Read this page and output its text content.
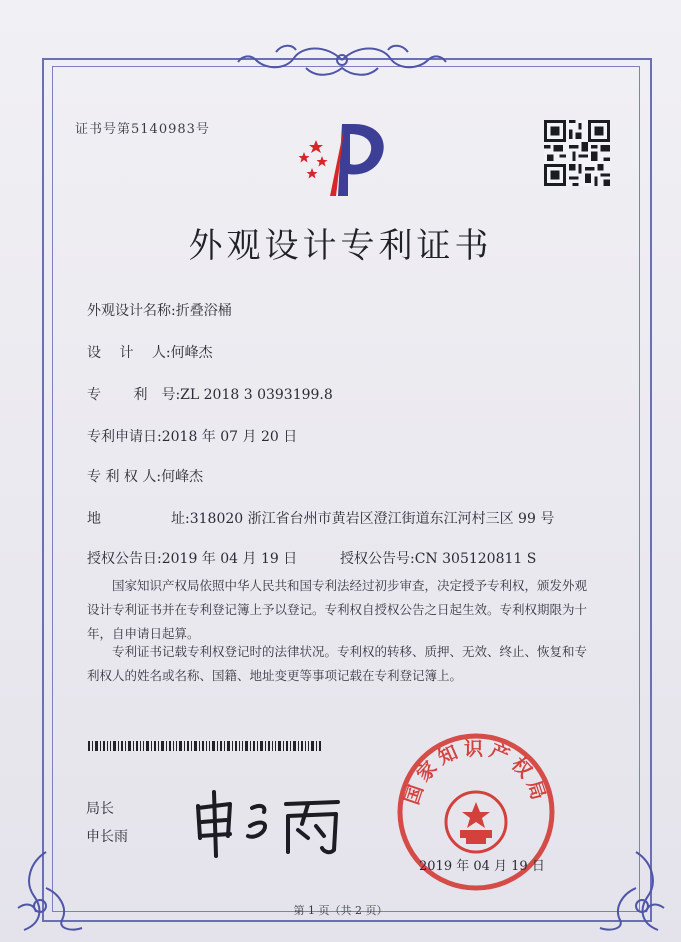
证书号第5140983号
外观设计专利证书
外观设计名称:折叠浴桶
设　 计　 人:何峰杰
专　　 利　号:ZL 2018 3 0393199.8
专利申请日:2018 年 07 月 20 日
专 利 权 人:何峰杰
地　　　　　址:318020 浙江省台州市黄岩区澄江街道东江河村三区 99 号
授权公告日:2019 年 04 月 19 日	授权公告号:CN 305120811 S
国家知识产权局依照中华人民共和国专利法经过初步审查，决定授予专利权，颁发外观
设计专利证书并在专利登记簿上予以登记。专利权自授权公告之日起生效。专利权期限为十
年，自申请日起算。
专利证书记载专利权登记时的法律状况。专利权的转移、质押、无效、终止、恢复和专
利权人的姓名或名称、国籍、地址变更等事项记载在专利登记簿上。
局长
申长雨
国家知识产权局
2019 年 04 月 19 日
第 1 页（共 2 页）
